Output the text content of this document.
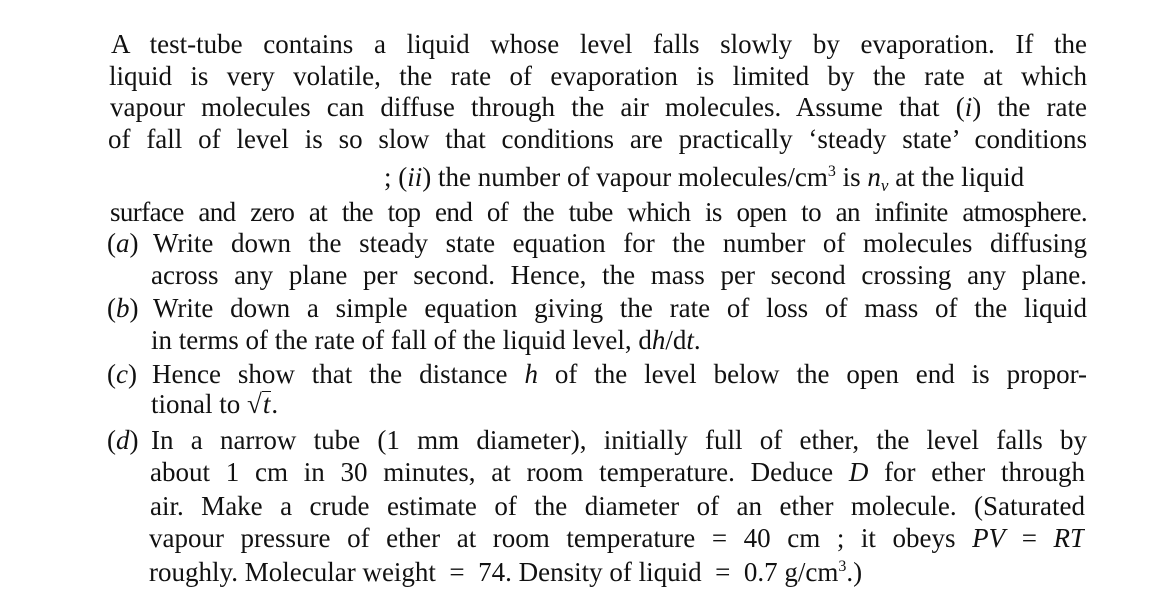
A test-tube contains a liquid whose level falls slowly by evaporation. If the
liquid is very volatile, the rate of evaporation is limited by the rate at which
vapour molecules can diffuse through the air molecules. Assume that (i) the rate
of fall of level is so slow that conditions are practically ‘steady state’ conditions
; (ii) the number of vapour molecules/$cm^3$ is $n_v$ at the liquid
surface and zero at the top end of the tube which is open to an infinite atmosphere.
(a) Write down the steady state equation for the number of molecules diffusing
across any plane per second. Hence, the mass per second crossing any plane.
(b) Write down a simple equation giving the rate of loss of mass of the liquid
in terms of the rate of fall of the liquid level, dh/dt.
(c) Hence show that the distance h of the level below the open end is propor-
tional to √t.
(d) In a narrow tube (1 mm diameter), initially full of ether, the level falls by
about 1 cm in 30 minutes, at room temperature. Deduce D for ether through
air. Make a crude estimate of the diameter of an ether molecule. (Saturated
vapour pressure of ether at room temperature = 40 cm ; it obeys PV = RT
roughly. Molecular weight  =  74. Density of liquid  =  0.7 $g/cm^3$.)
